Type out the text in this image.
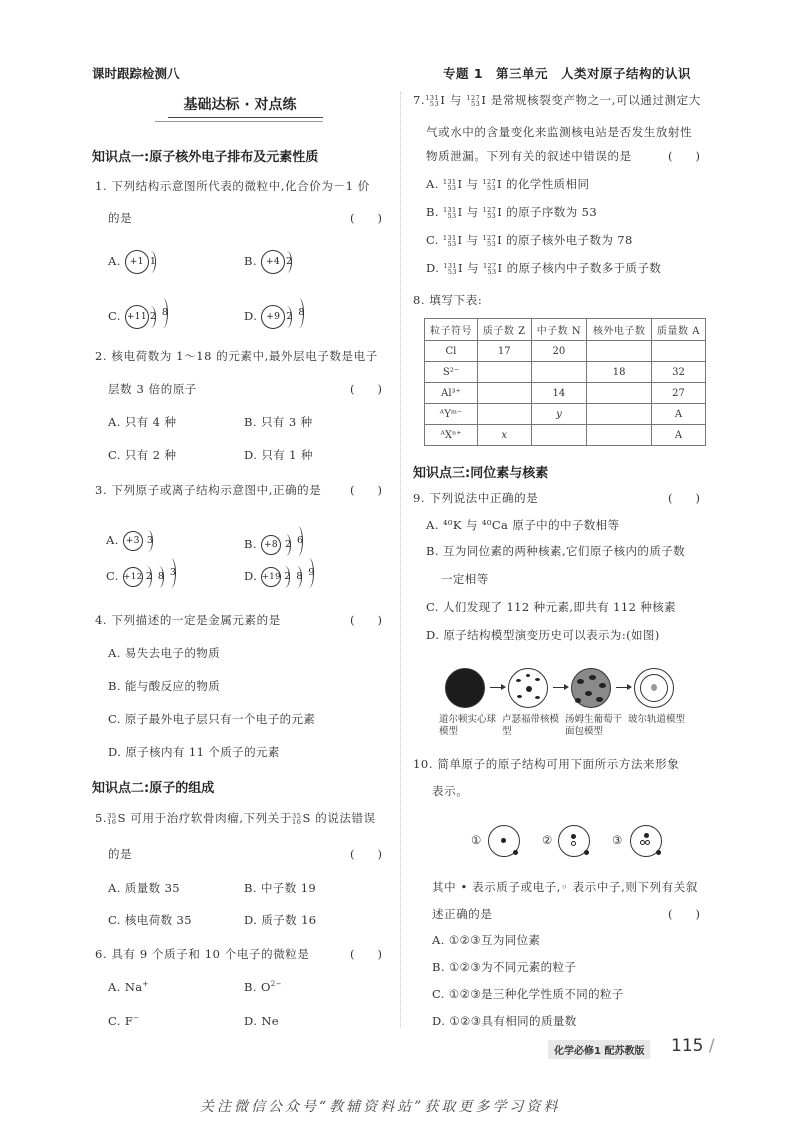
课时跟踪检测八	专题 1　第三单元　人类对原子结构的认识
基础达标 · 对点练
知识点一:原子核外电子排布及元素性质
1. 下列结构示意图所代表的微粒中,化合价为－1 价
的是	(　　)
A.	+1 1	B.	+4 2
C. +11 2 8	D.	+9 2 8
2. 核电荷数为 1～18 的元素中,最外层电子数是电子
层数 3 倍的原子	(　　)
A. 只有 4 种	B. 只有 3 种
C. 只有 2 种	D. 只有 1 种
3. 下列原子或离子结构示意图中,正确的是 (　　)
A. +3 3	B. +8 2 6
C. +12 2 8 3	D. +19 2 8 9
4. 下列描述的一定是金属元素的是	(　　)
A. 易失去电子的物质
B. 能与酸反应的物质
C. 原子最外电子层只有一个电子的元素
D. 原子核内有 11 个质子的元素
知识点二:原子的组成
5. 35
16 S 可用于治疗软骨肉瘤,下列关于 35
16 S 的说法错误
的是	(　　)
A. 质量数 35	B. 中子数 19
C. 核电荷数 35	D. 质子数 16
6. 具有 9 个质子和 10 个电子的微粒是	(　　)
A. Na+	B. $O^{2-}$
C. F−	D. Ne
7. 131
53 I 与 127
53 I 是常规核裂变产物之一,可以通过测定大
气或水中的含量变化来监测核电站是否发生放射性
物质泄漏。下列有关的叙述中错误的是	(　　)
A. 131
53 I 与 127
53 I 的化学性质相同
B. 131
53 I 与 127
53 I 的原子序数为 53
C. 131
53 I 与 127
53 I 的原子核外电子数为 78
D. 131
53 I 与 127
53 I 的原子核内中子数多于质子数
8. 填写下表:
粒子符号	质子数 Z	中子数 N	核外电子数	质量数 A
Cl	17	20		
S²⁻			18	32
Al³⁺		14		27
ᴬYᵐ⁻		y		A
ᴬXⁿ⁺	x			A
知识点三:同位素与核素
9. 下列说法中正确的是	(　　)
A. ⁴⁰K 与 ⁴⁰Ca 原子中的中子数相等
B. 互为同位素的两种核素,它们原子核内的质子数
一定相等
C. 人们发现了 112 种元素,即共有 112 种核素
D. 原子结构模型演变历史可以表示为:(如图)
道尔顿实心球模型
卢瑟福带核模型
汤姆生葡萄干面包模型
玻尔轨道模型
10. 简单原子的原子结构可用下面所示方法来形象
表示。
①	②	③
其中 • 表示质子或电子,◦ 表示中子,则下列有关叙
述正确的是	(　　)
A. ①②③互为同位素
B. ①②③为不同元素的粒子
C. ①②③是三种化学性质不同的粒子
D. ①②③具有相同的质量数
化学必修1 配苏教版	115 /
关注微信公众号“教辅资料站”获取更多学习资料
